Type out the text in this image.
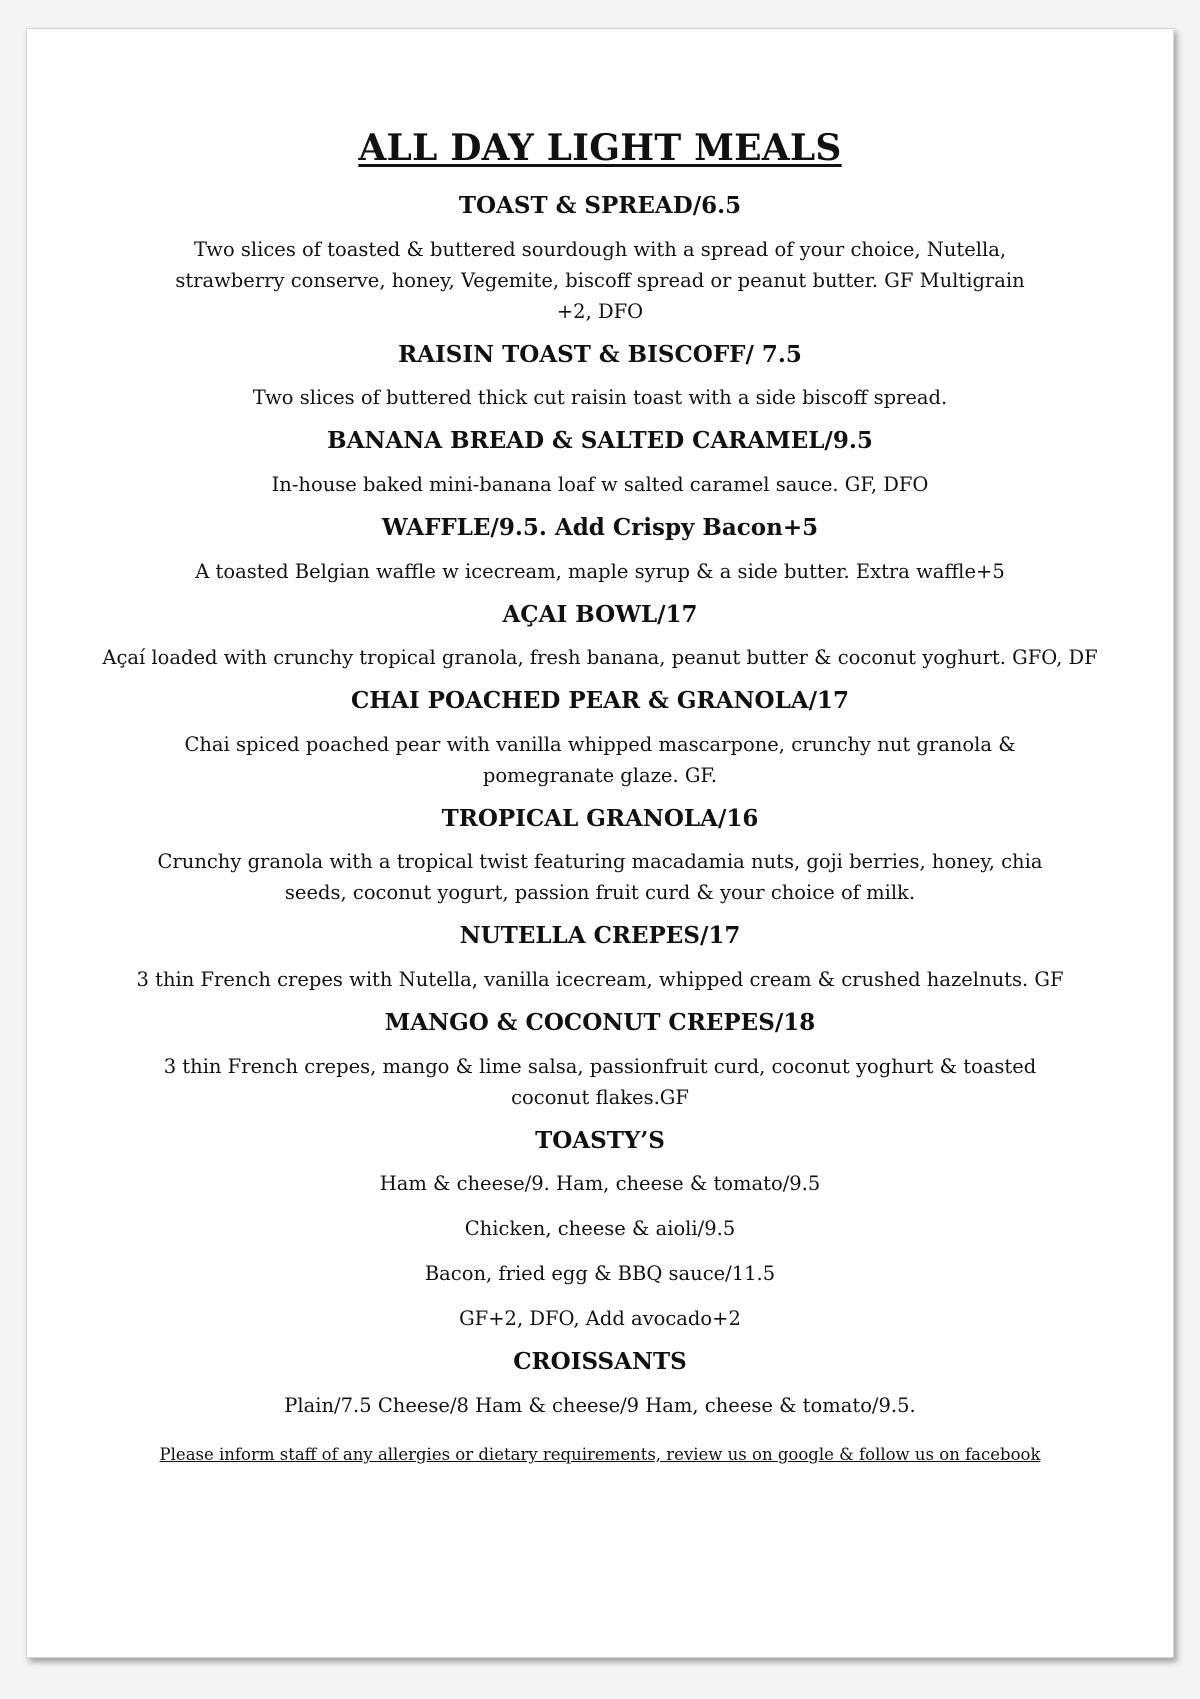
ALL DAY LIGHT MEALS
TOAST & SPREAD/6.5
Two slices of toasted & buttered sourdough with a spread of your choice, Nutella, strawberry conserve, honey, Vegemite, biscoff spread or peanut butter. GF Multigrain +2, DFO
RAISIN TOAST & BISCOFF/ 7.5
Two slices of buttered thick cut raisin toast with a side biscoff spread.
BANANA BREAD & SALTED CARAMEL/9.5
In-house baked mini-banana loaf w salted caramel sauce. GF, DFO
WAFFLE/9.5. Add Crispy Bacon+5
A toasted Belgian waffle w icecream, maple syrup & a side butter. Extra waffle+5
AÇAI BOWL/17
Açaí loaded with crunchy tropical granola, fresh banana, peanut butter & coconut yoghurt. GFO, DF
CHAI POACHED PEAR & GRANOLA/17
Chai spiced poached pear with vanilla whipped mascarpone, crunchy nut granola & pomegranate glaze. GF.
TROPICAL GRANOLA/16
Crunchy granola with a tropical twist featuring macadamia nuts, goji berries, honey, chia seeds, coconut yogurt, passion fruit curd & your choice of milk.
NUTELLA CREPES/17
3 thin French crepes with Nutella, vanilla icecream, whipped cream & crushed hazelnuts. GF
MANGO & COCONUT CREPES/18
3 thin French crepes, mango & lime salsa, passionfruit curd, coconut yoghurt & toasted coconut flakes.GF
TOASTY’S
Ham & cheese/9. Ham, cheese & tomato/9.5
Chicken, cheese & aioli/9.5
Bacon, fried egg & BBQ sauce/11.5
GF+2, DFO, Add avocado+2
CROISSANTS
Plain/7.5 Cheese/8 Ham & cheese/9 Ham, cheese & tomato/9.5.
Please inform staff of any allergies or dietary requirements, review us on google & follow us on facebook
